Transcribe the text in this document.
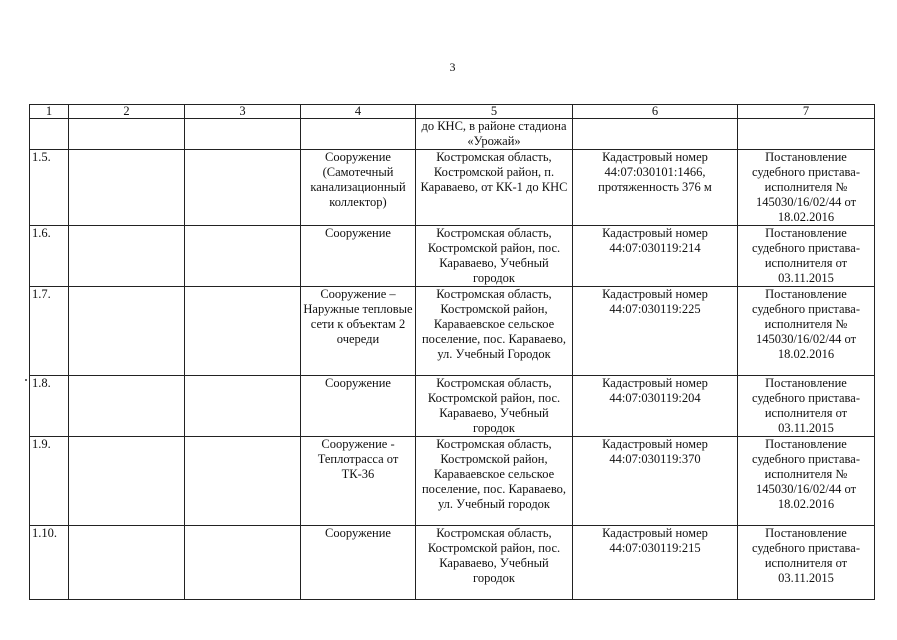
3
1	2	3	4	5	6	7
				до КНС, в районе стадиона «Урожай»		
1.5.			Сооружение (Самотечный канализационный коллектор)	Костромская область, Костромской район, п. Караваево, от КК-1 до КНС	Кадастровый номер 44:07:030101:1466, протяженность 376 м	Постановление судебного пристава-исполнителя № 145030/16/02/44 от 18.02.2016
1.6.			Сооружение	Костромская область, Костромской район, пос. Караваево, Учебный городок	Кадастровый номер 44:07:030119:214	Постановление судебного пристава-исполнителя от 03.11.2015
1.7.			Сооружение – Наружные тепловые сети к объектам 2 очереди	Костромская область, Костромской район, Караваевское сельское поселение, пос. Караваево, ул. Учебный Городок	Кадастровый номер 44:07:030119:225	Постановление судебного пристава-исполнителя № 145030/16/02/44 от 18.02.2016
1.8.			Сооружение	Костромская область, Костромской район, пос. Караваево, Учебный городок	Кадастровый номер 44:07:030119:204	Постановление судебного пристава-исполнителя от 03.11.2015
1.9.			Сооружение - Теплотрасса от ТК-36	Костромская область, Костромской район, Караваевское сельское поселение, пос. Караваево, ул. Учебный городок	Кадастровый номер 44:07:030119:370	Постановление судебного пристава-исполнителя № 145030/16/02/44 от 18.02.2016
1.10.			Сооружение	Костромская область, Костромской район, пос. Караваево, Учебный городок	Кадастровый номер 44:07:030119:215	Постановление судебного пристава-исполнителя от 03.11.2015
